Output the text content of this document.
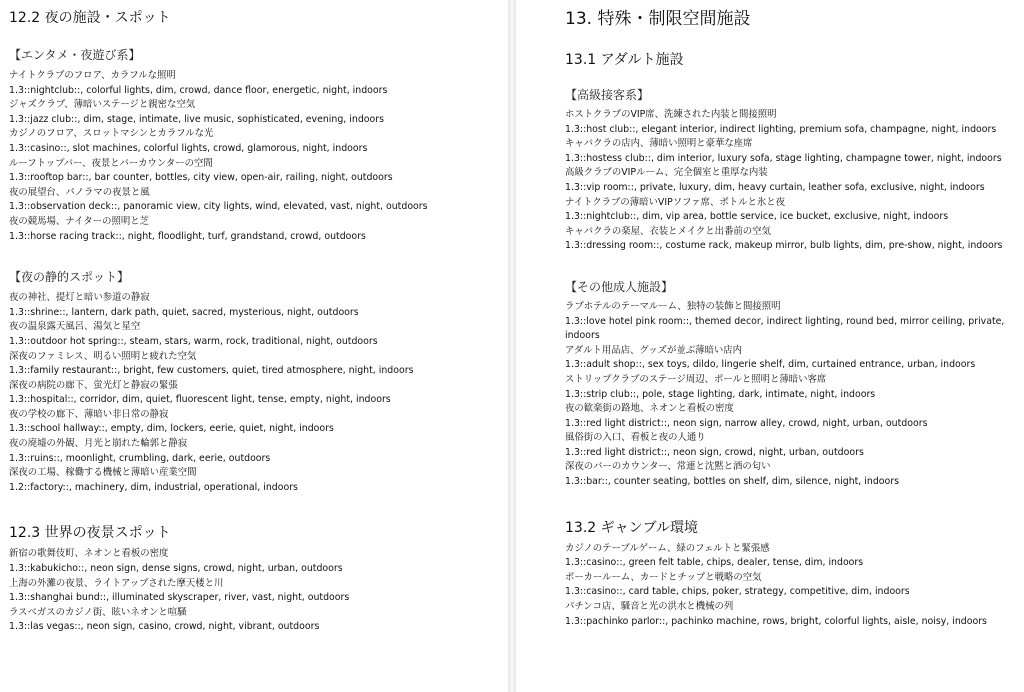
12.2 夜の施設・スポット
【エンタメ・夜遊び系】
ナイトクラブのフロア、カラフルな照明
1.3::nightclub::, colorful lights, dim, crowd, dance floor, energetic, night, indoors
ジャズクラブ、薄暗いステージと親密な空気
1.3::jazz club::, dim, stage, intimate, live music, sophisticated, evening, indoors
カジノのフロア、スロットマシンとカラフルな光
1.3::casino::, slot machines, colorful lights, crowd, glamorous, night, indoors
ルーフトップバー、夜景とバーカウンターの空間
1.3::rooftop bar::, bar counter, bottles, city view, open-air, railing, night, outdoors
夜の展望台、パノラマの夜景と風
1.3::observation deck::, panoramic view, city lights, wind, elevated, vast, night, outdoors
夜の競馬場、ナイターの照明と芝
1.3::horse racing track::, night, floodlight, turf, grandstand, crowd, outdoors
【夜の静的スポット】
夜の神社、提灯と暗い参道の静寂
1.3::shrine::, lantern, dark path, quiet, sacred, mysterious, night, outdoors
夜の温泉露天風呂、湯気と星空
1.3::outdoor hot spring::, steam, stars, warm, rock, traditional, night, outdoors
深夜のファミレス、明るい照明と疲れた空気
1.3::family restaurant::, bright, few customers, quiet, tired atmosphere, night, indoors
深夜の病院の廊下、蛍光灯と静寂の緊張
1.3::hospital::, corridor, dim, quiet, fluorescent light, tense, empty, night, indoors
夜の学校の廊下、薄暗い非日常の静寂
1.3::school hallway::, empty, dim, lockers, eerie, quiet, night, indoors
夜の廃墟の外観、月光と崩れた輪郭と静寂
1.3::ruins::, moonlight, crumbling, dark, eerie, outdoors
深夜の工場、稼働する機械と薄暗い産業空間
1.2::factory::, machinery, dim, industrial, operational, indoors
12.3 世界の夜景スポット
新宿の歌舞伎町、ネオンと看板の密度
1.3::kabukicho::, neon sign, dense signs, crowd, night, urban, outdoors
上海の外灘の夜景、ライトアップされた摩天楼と川
1.3::shanghai bund::, illuminated skyscraper, river, vast, night, outdoors
ラスベガスのカジノ街、眩いネオンと喧騒
1.3::las vegas::, neon sign, casino, crowd, night, vibrant, outdoors
13. 特殊・制限空間施設
13.1 アダルト施設
【高級接客系】
ホストクラブのVIP席、洗練された内装と間接照明
1.3::host club::, elegant interior, indirect lighting, premium sofa, champagne, night, indoors
キャバクラの店内、薄暗い照明と豪華な座席
1.3::hostess club::, dim interior, luxury sofa, stage lighting, champagne tower, night, indoors
高級クラブのVIPルーム、完全個室と重厚な内装
1.3::vip room::, private, luxury, dim, heavy curtain, leather sofa, exclusive, night, indoors
ナイトクラブの薄暗いVIPソファ席、ボトルと氷と夜
1.3::nightclub::, dim, vip area, bottle service, ice bucket, exclusive, night, indoors
キャバクラの楽屋、衣装とメイクと出番前の空気
1.3::dressing room::, costume rack, makeup mirror, bulb lights, dim, pre-show, night, indoors
【その他成人施設】
ラブホテルのテーマルーム、独特の装飾と間接照明
1.3::love hotel pink room::, themed decor, indirect lighting, round bed, mirror ceiling, private, indoors
アダルト用品店、グッズが並ぶ薄暗い店内
1.3::adult shop::, sex toys, dildo, lingerie shelf, dim, curtained entrance, urban, indoors
ストリップクラブのステージ周辺、ポールと照明と薄暗い客席
1.3::strip club::, pole, stage lighting, dark, intimate, night, indoors
夜の歓楽街の路地、ネオンと看板の密度
1.3::red light district::, neon sign, narrow alley, crowd, night, urban, outdoors
風俗街の入口、看板と夜の人通り
1.3::red light district::, neon sign, crowd, night, urban, outdoors
深夜のバーのカウンター、常連と沈黙と酒の匂い
1.3::bar::, counter seating, bottles on shelf, dim, silence, night, indoors
13.2 ギャンブル環境
カジノのテーブルゲーム、緑のフェルトと緊張感
1.3::casino::, green felt table, chips, dealer, tense, dim, indoors
ポーカールーム、カードとチップと戦略の空気
1.3::casino::, card table, chips, poker, strategy, competitive, dim, indoors
パチンコ店、騒音と光の洪水と機械の列
1.3::pachinko parlor::, pachinko machine, rows, bright, colorful lights, aisle, noisy, indoors
